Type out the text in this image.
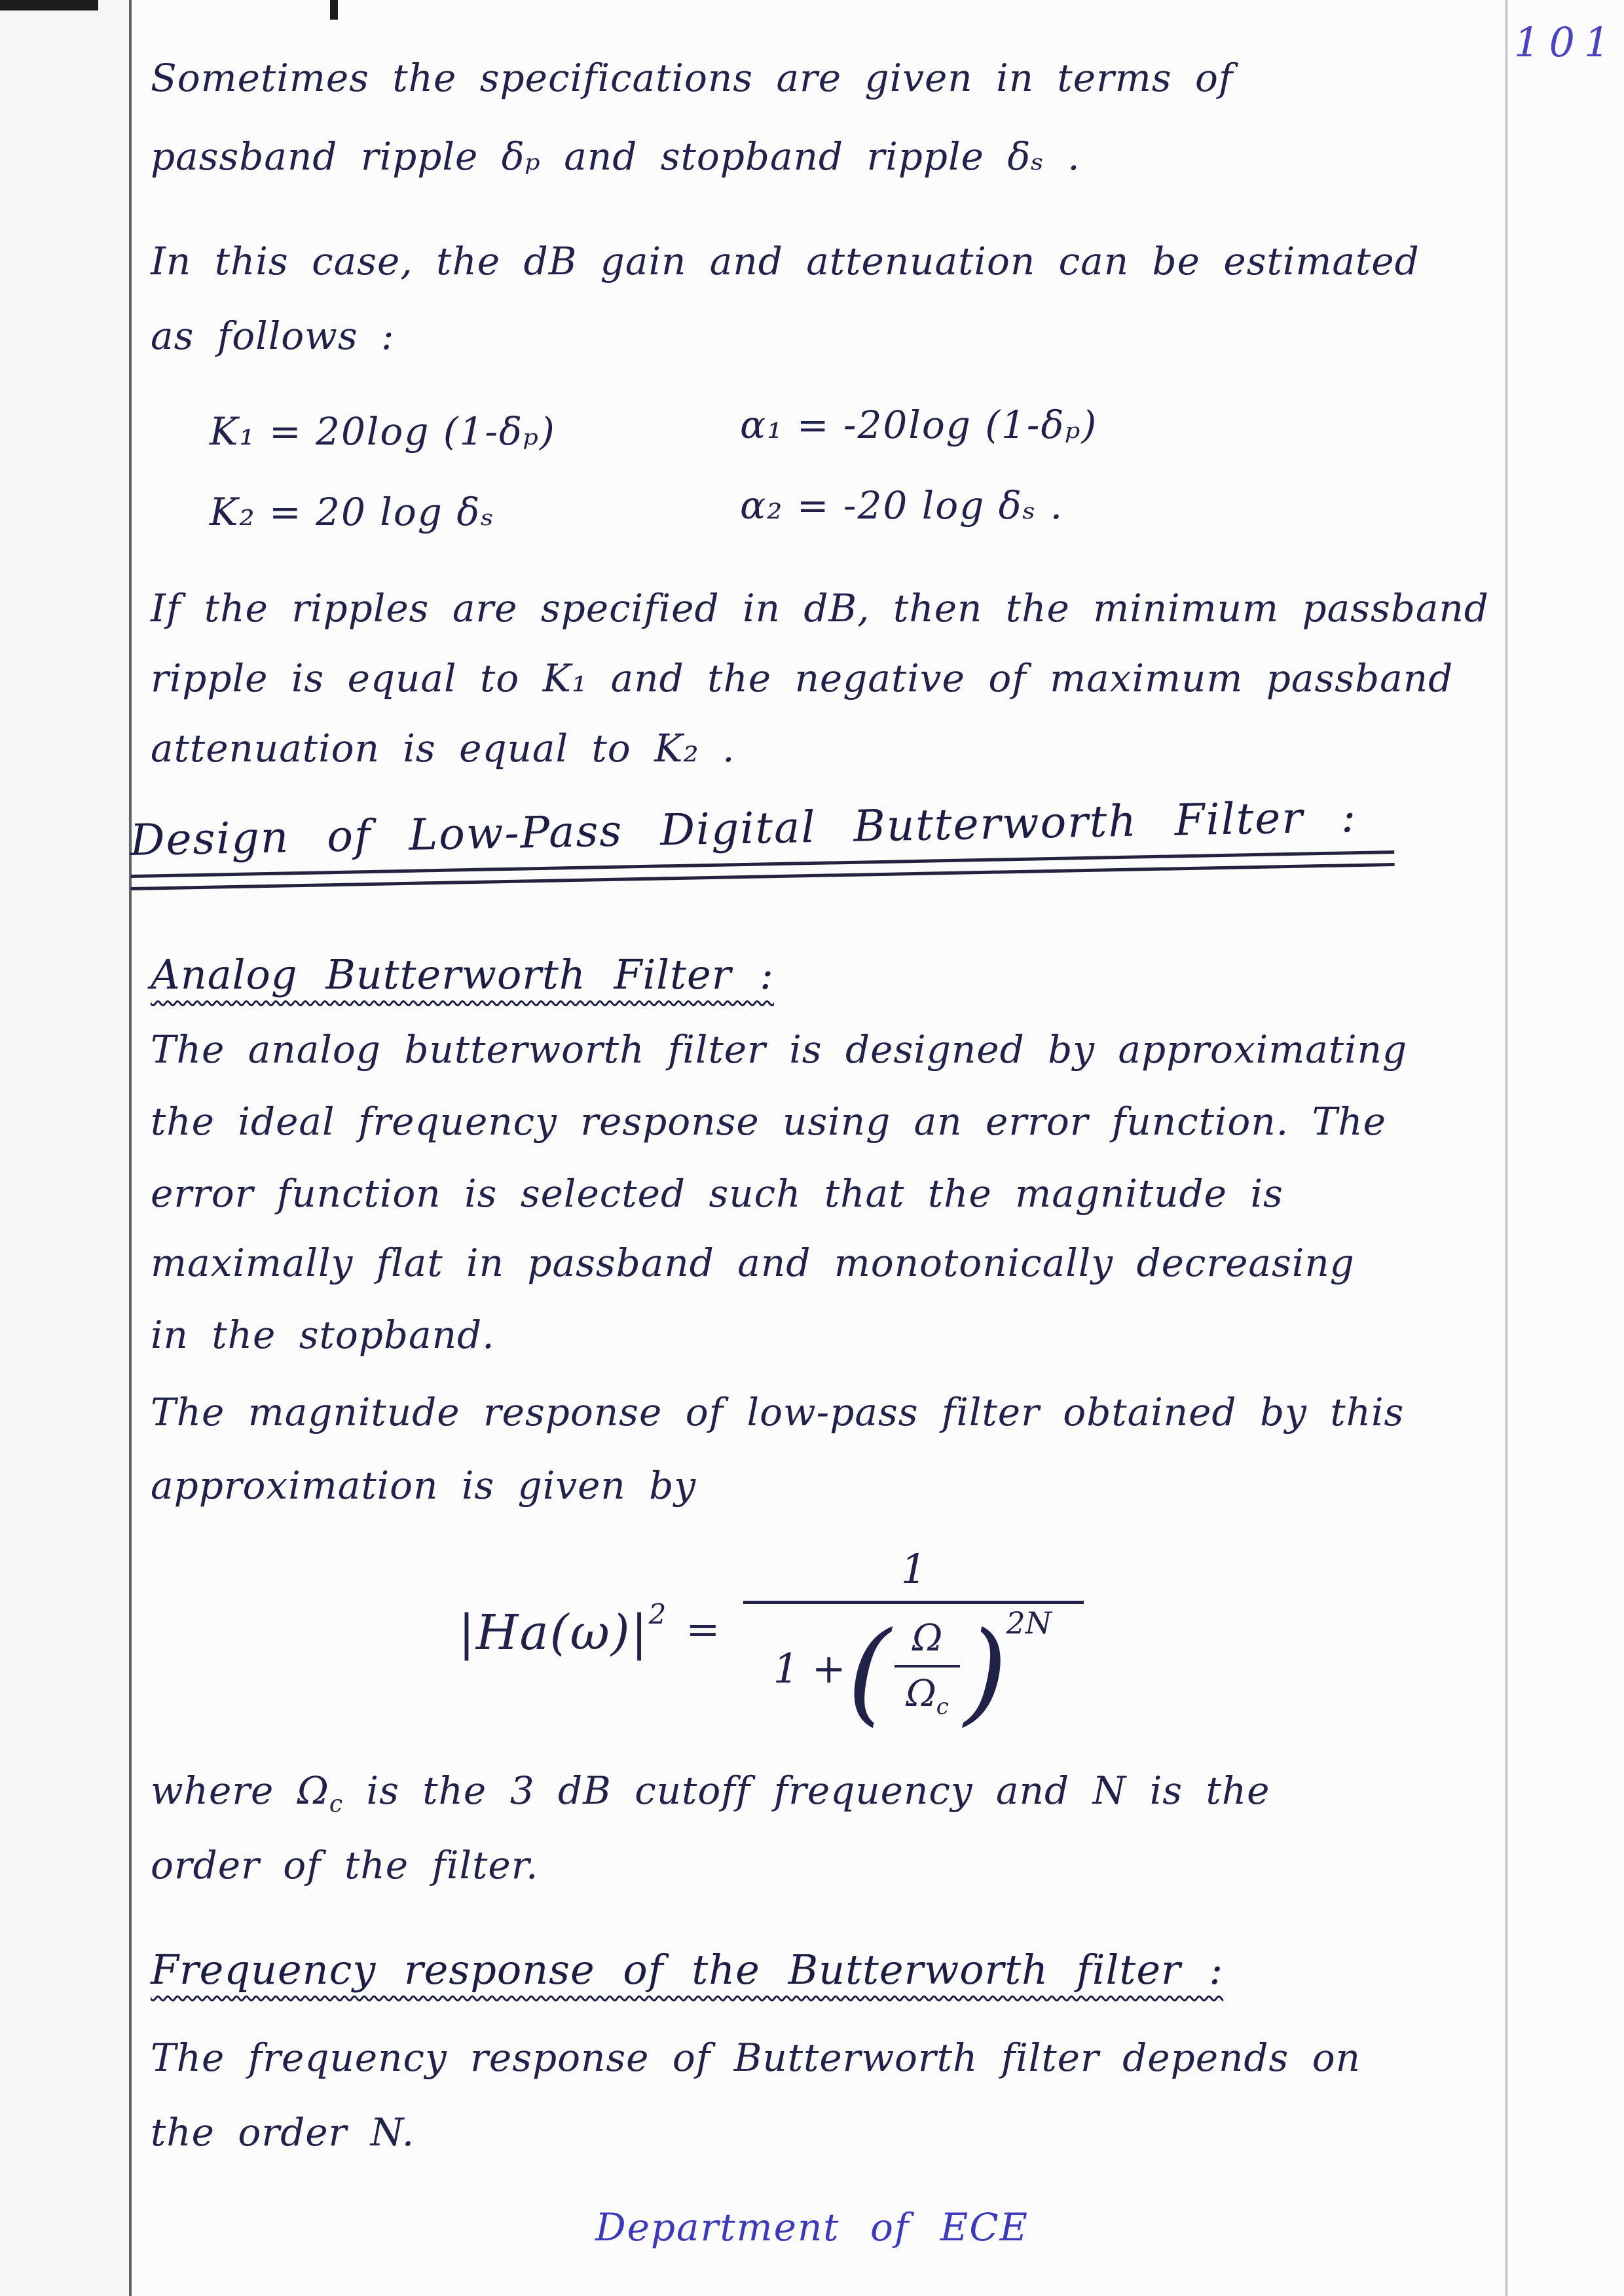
101
Sometimes the specifications are given in terms of
passband ripple δₚ and stopband ripple δₛ .
In this case, the dB gain and attenuation can be estimated
as follows :
K₁ = 20log (1-δₚ)	α₁ = -20log (1-δₚ)
K₂ = 20 log δₛ	α₂ = -20 log δₛ .
If the ripples are specified in dB, then the minimum passband
ripple is equal to K₁ and the negative of maximum passband
attenuation is equal to K₂ .
Design of Low-Pass Digital Butterworth Filter :
Analog Butterworth Filter :
The analog butterworth filter is designed by approximating
the ideal frequency response using an error function. The
error function is selected such that the magnitude is
maximally flat in passband and monotonically decreasing
in the stopband.
The magnitude response of low-pass filter obtained by this
approximation is given by
$|Ha(\omega)|^2$ =
1
1 + ( Ω
$\Omega_c$ )
$^{2N}$
where $\Omega_c$ is the 3 dB cutoff frequency and N is the
order of the filter.
Frequency response of the Butterworth filter :
The frequency response of Butterworth filter depends on
the order N.
Department of ECE
